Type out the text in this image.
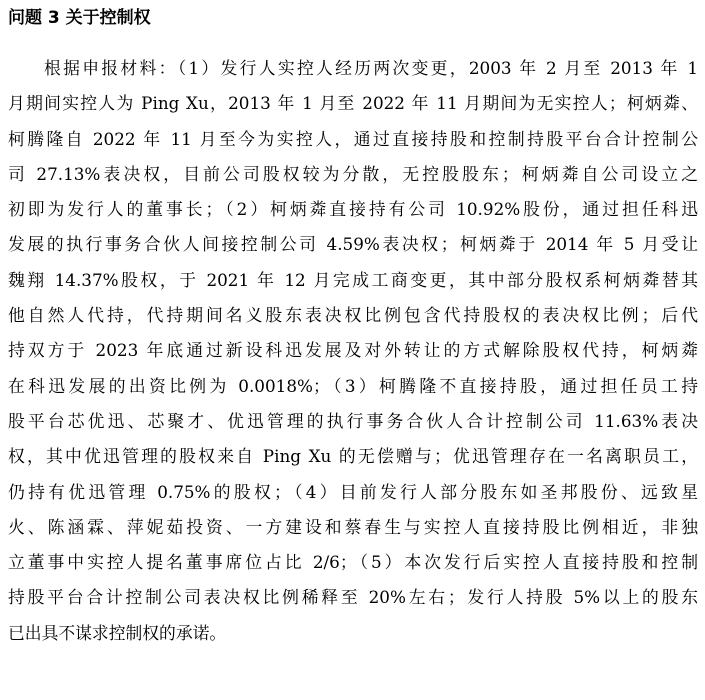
问题 3 关于控制权
根据申报材料：（1）发行人实控人经历两次变更，2003 年 2 月至 2013 年 1
月期间实控人为 Ping Xu，2013 年 1 月至 2022 年 11 月期间为无实控人；柯炳粦、
柯腾隆自 2022 年 11 月至今为实控人，通过直接持股和控制持股平台合计控制公
司 27.13%表决权，目前公司股权较为分散，无控股股东；柯炳粦自公司设立之
初即为发行人的董事长；（2）柯炳粦直接持有公司 10.92%股份，通过担任科迅
发展的执行事务合伙人间接控制公司 4.59%表决权；柯炳粦于 2014 年 5 月受让
魏翔 14.37%股权，于 2021 年 12 月完成工商变更，其中部分股权系柯炳粦替其
他自然人代持，代持期间名义股东表决权比例包含代持股权的表决权比例；后代
持双方于 2023 年底通过新设科迅发展及对外转让的方式解除股权代持，柯炳粦
在科迅发展的出资比例为 0.0018%；（3）柯腾隆不直接持股，通过担任员工持
股平台芯优迅、芯聚才、优迅管理的执行事务合伙人合计控制公司 11.63%表决
权，其中优迅管理的股权来自 Ping Xu 的无偿赠与；优迅管理存在一名离职员工，
仍持有优迅管理 0.75%的股权；（4）目前发行人部分股东如圣邦股份、远致星
火、陈涵霖、萍妮茹投资、一方建设和蔡春生与实控人直接持股比例相近，非独
立董事中实控人提名董事席位占比 2/6；（5）本次发行后实控人直接持股和控制
持股平台合计控制公司表决权比例稀释至 20%左右；发行人持股 5%以上的股东
已出具不谋求控制权的承诺。
